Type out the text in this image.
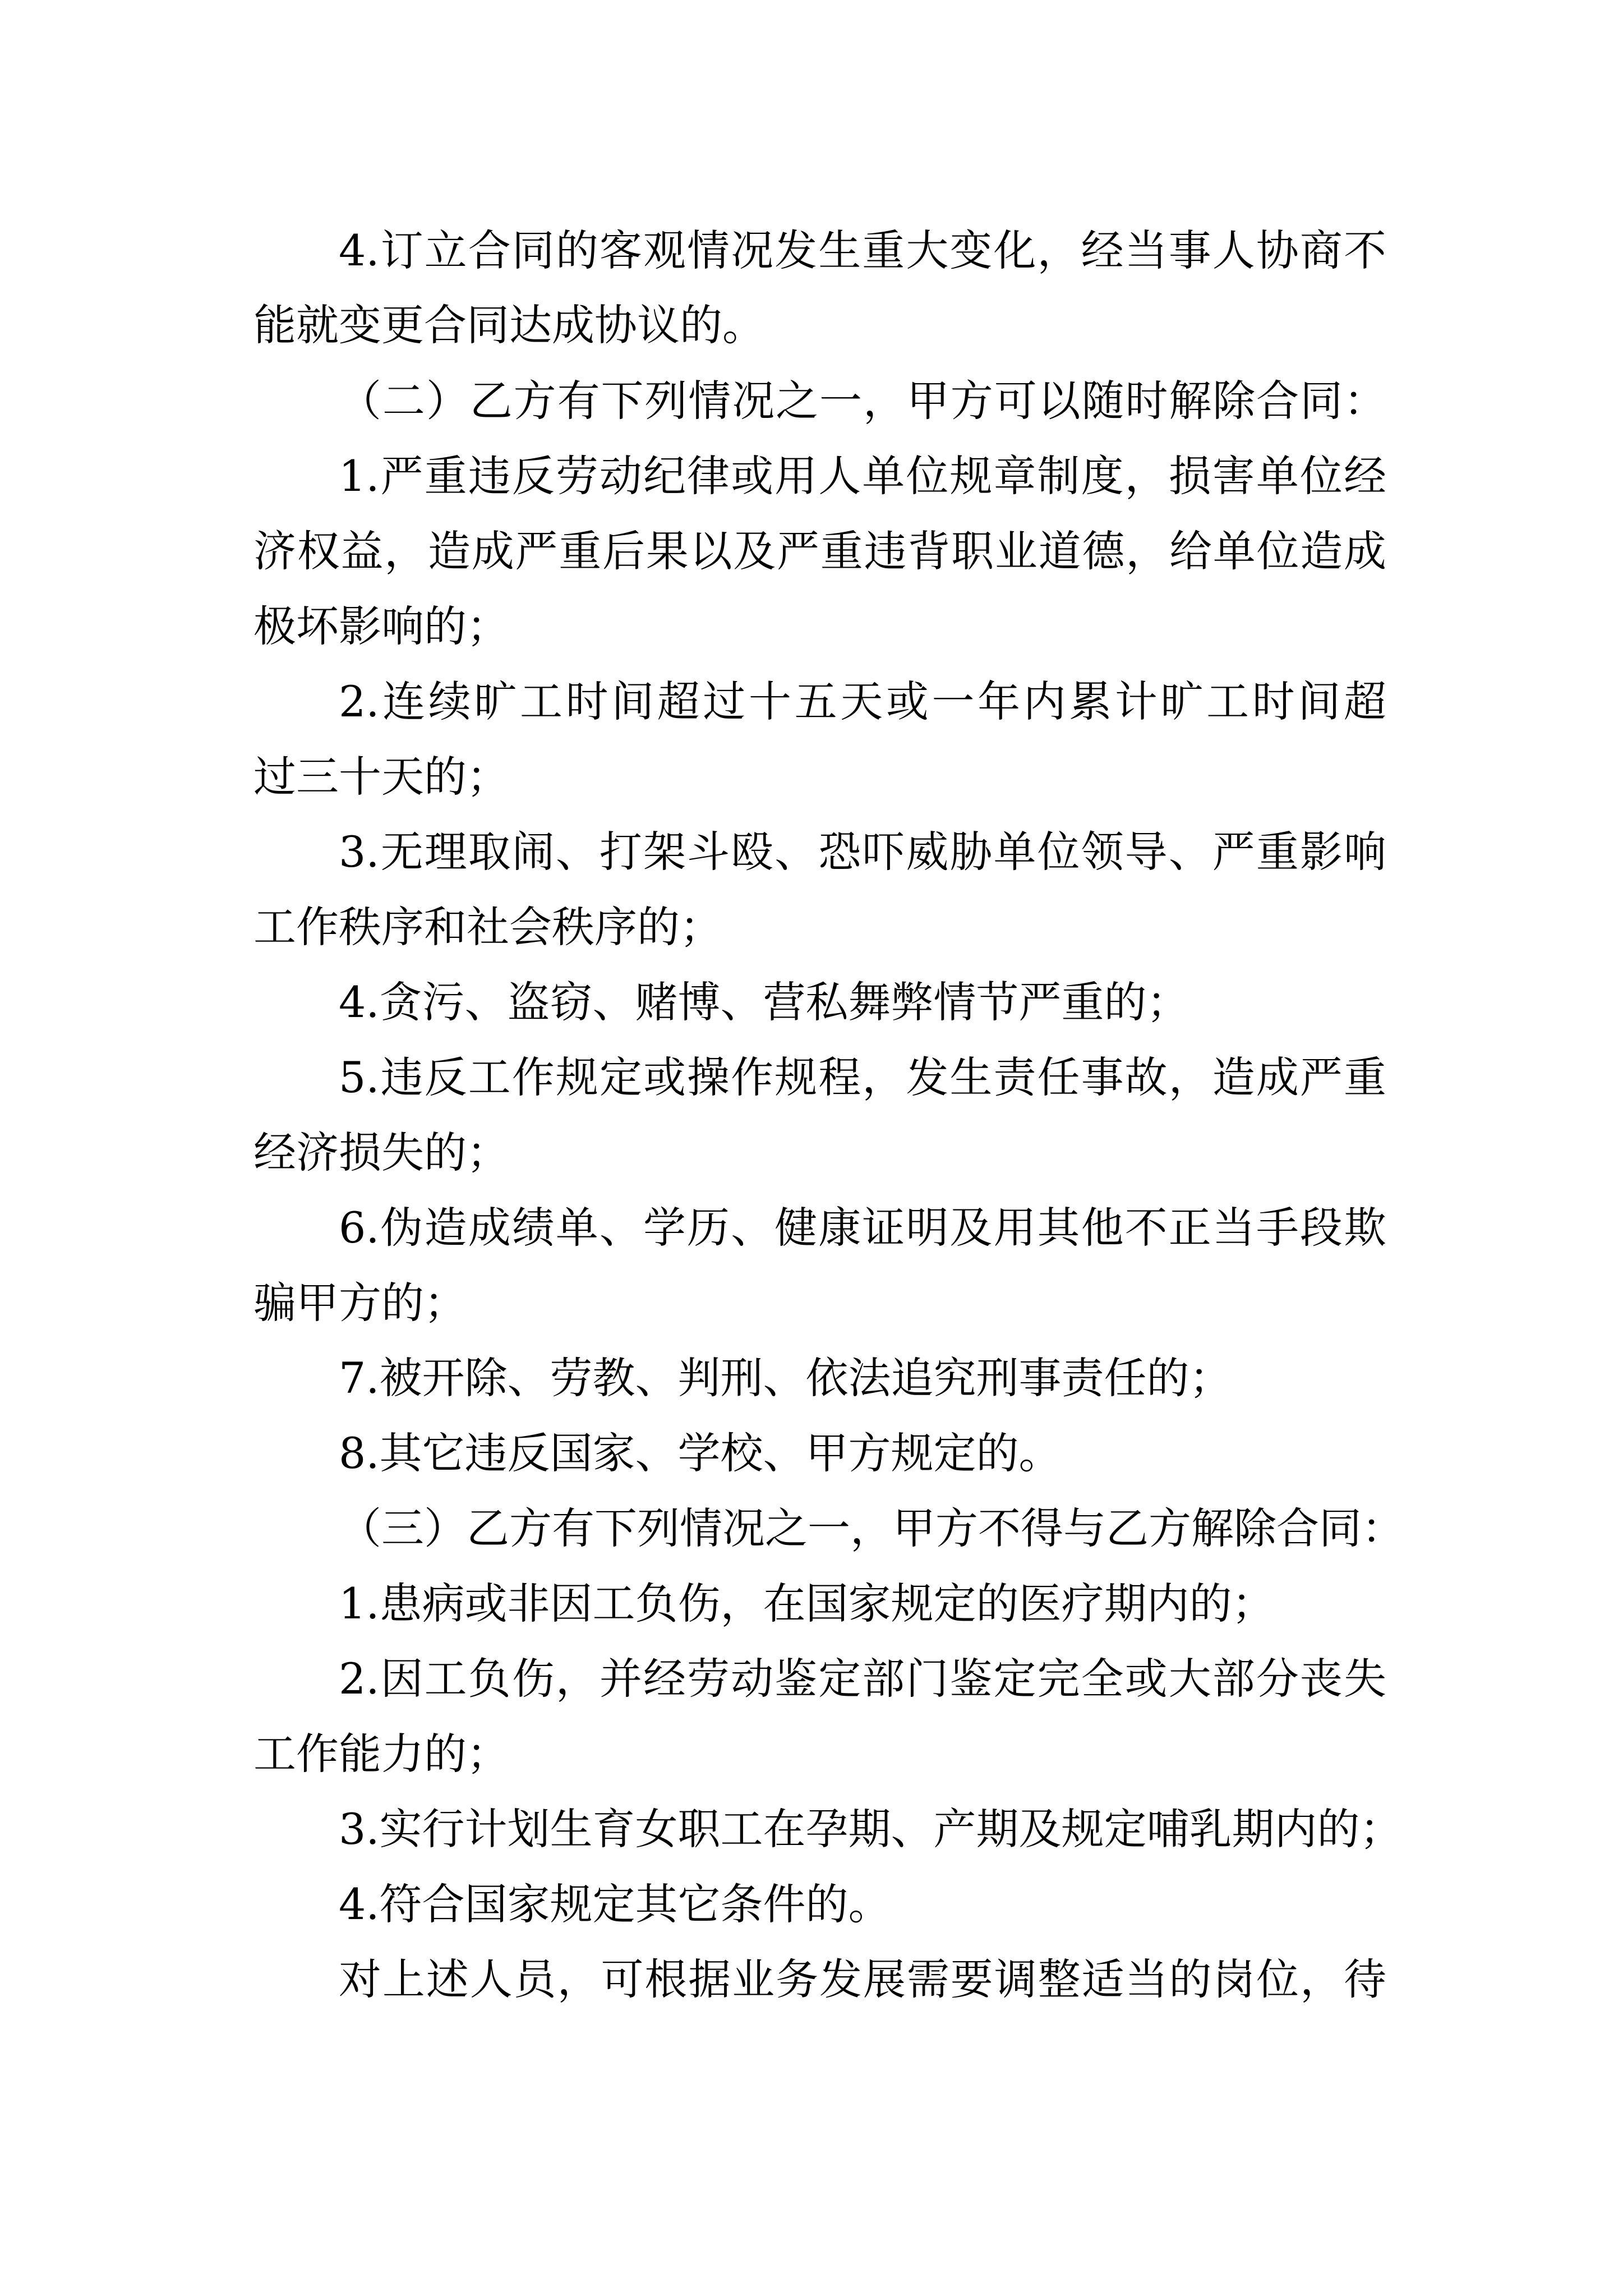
4.订立合同的客观情况发生重大变化，经当事人协商不
能就变更合同达成协议的。
（二）乙方有下列情况之一，甲方可以随时解除合同：
1.严重违反劳动纪律或用人单位规章制度，损害单位经
济权益，造成严重后果以及严重违背职业道德，给单位造成
极坏影响的；
2.连续旷工时间超过十五天或一年内累计旷工时间超
过三十天的；
3.无理取闹、打架斗殴、恐吓威胁单位领导、严重影响
工作秩序和社会秩序的；
4.贪污、盗窃、赌博、营私舞弊情节严重的；
5.违反工作规定或操作规程，发生责任事故，造成严重
经济损失的；
6.伪造成绩单、学历、健康证明及用其他不正当手段欺
骗甲方的；
7.被开除、劳教、判刑、依法追究刑事责任的；
8.其它违反国家、学校、甲方规定的。
（三）乙方有下列情况之一，甲方不得与乙方解除合同：
1.患病或非因工负伤，在国家规定的医疗期内的；
2.因工负伤，并经劳动鉴定部门鉴定完全或大部分丧失
工作能力的；
3.实行计划生育女职工在孕期、产期及规定哺乳期内的；
4.符合国家规定其它条件的。
对上述人员，可根据业务发展需要调整适当的岗位，待
